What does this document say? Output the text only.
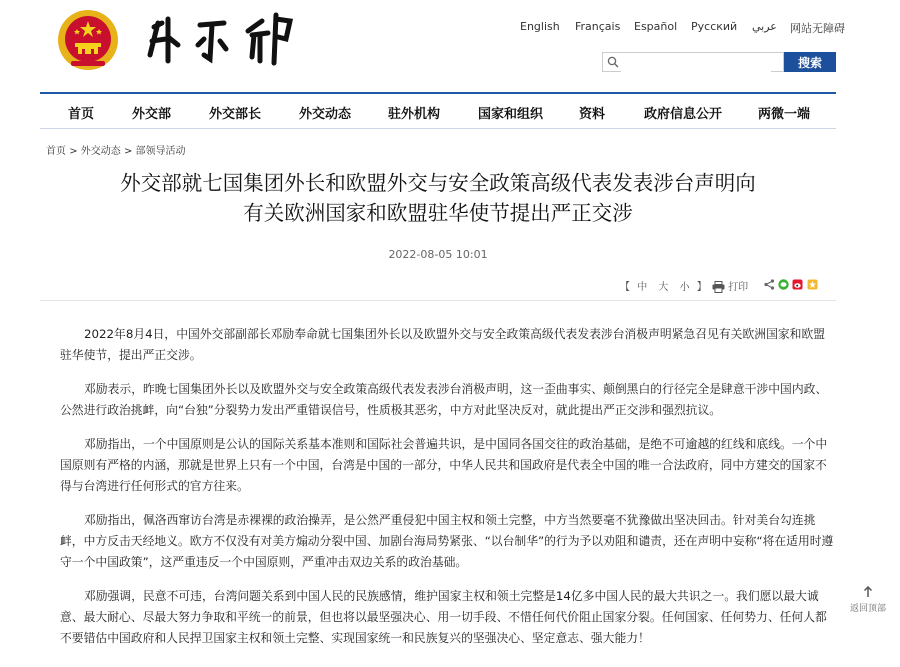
English Français Español Русский عربي 网站无障碍
搜索
首页	外交部	外交部长	外交动态	驻外机构	国家和组织	资料	政府信息公开	两微一端
首页 > 外交动态 > 部领导活动
外交部就七国集团外长和欧盟外交与安全政策高级代表发表涉台声明向
有关欧洲国家和欧盟驻华使节提出严正交涉
2022-08-05 10:01
【 中 大 小 】	打印

2022年8月4日，中国外交部副部长邓励奉命就七国集团外长以及欧盟外交与安全政策高级代表发表涉台消极声明紧急召见有关欧洲国家和欧盟驻华使节，提出严正交涉。

邓励表示，昨晚七国集团外长以及欧盟外交与安全政策高级代表发表涉台消极声明，这一歪曲事实、颠倒黑白的行径完全是肆意干涉中国内政、公然进行政治挑衅，向“台独”分裂势力发出严重错误信号，性质极其恶劣，中方对此坚决反对，就此提出严正交涉和强烈抗议。

邓励指出，一个中国原则是公认的国际关系基本准则和国际社会普遍共识，是中国同各国交往的政治基础，是绝不可逾越的红线和底线。一个中国原则有严格的内涵，那就是世界上只有一个中国，台湾是中国的一部分，中华人民共和国政府是代表全中国的唯一合法政府，同中方建交的国家不得与台湾进行任何形式的官方往来。

邓励指出，佩洛西窜访台湾是赤裸裸的政治操弄，是公然严重侵犯中国主权和领土完整，中方当然要毫不犹豫做出坚决回击。针对美台勾连挑衅，中方反击天经地义。欧方不仅没有对美方煽动分裂中国、加剧台海局势紧张、“以台制华”的行为予以劝阻和谴责，还在声明中妄称“将在适用时遵守一个中国政策”，这严重违反一个中国原则，严重冲击双边关系的政治基础。

邓励强调，民意不可违，台湾问题关系到中国人民的民族感情，维护国家主权和领土完整是14亿多中国人民的最大共识之一。我们愿以最大诚意、最大耐心、尽最大努力争取和平统一的前景，但也将以最坚强决心、用一切手段、不惜任何代价阻止国家分裂。任何国家、任何势力、任何人都不要错估中国政府和人民捍卫国家主权和领土完整、实现国家统一和民族复兴的坚强决心、坚定意志、强大能力！

返回顶部
